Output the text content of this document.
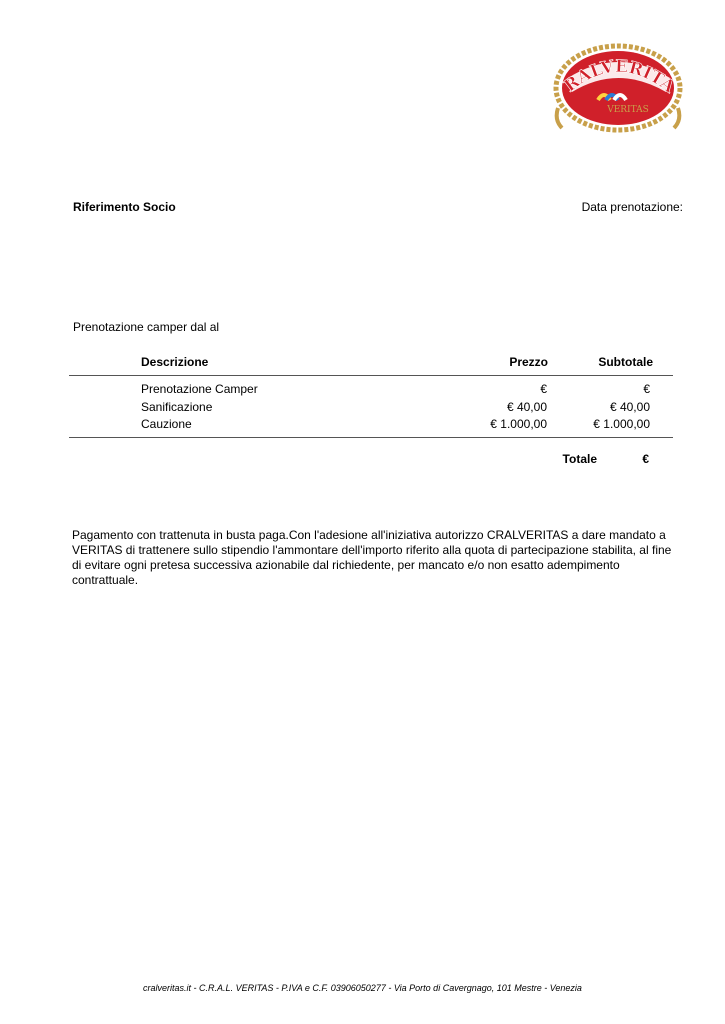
RALVERITA
VERITAS
Riferimento Socio	Data prenotazione:
Prenotazione camper dal al
Descrizione	Prezzo	Subtotale
Prenotazione Camper	€	€
Sanificazione	€ 40,00	€ 40,00
Cauzione	€ 1.000,00	€ 1.000,00
Totale	€
Pagamento con trattenuta in busta paga.Con l'adesione all'iniziativa autorizzo CRALVERITAS a dare mandato a VERITAS di trattenere sullo stipendio l'ammontare dell'importo riferito alla quota di partecipazione stabilita, al fine di evitare ogni pretesa successiva azionabile dal richiedente, per mancato e/o non esatto adempimento contrattuale.
cralveritas.it - C.R.A.L. VERITAS - P.IVA e C.F. 03906050277 - Via Porto di Cavergnago, 101 Mestre - Venezia
